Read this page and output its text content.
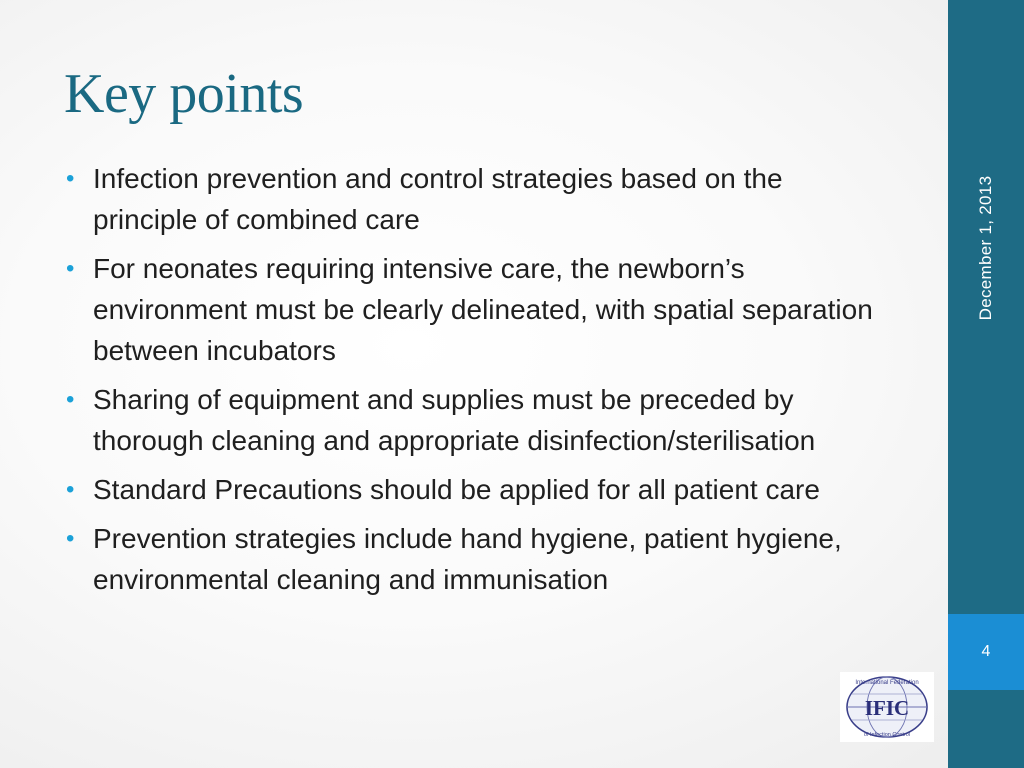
Key points
• Infection prevention and control strategies based on the principle of combined care
• For neonates requiring intensive care, the newborn’s environment must be clearly delineated, with spatial separation between incubators
• Sharing of equipment and supplies must be preceded by thorough cleaning and appropriate disinfection/sterilisation
• Standard Precautions should be applied for all patient care
• Prevention strategies include hand hygiene, patient hygiene, environmental cleaning and immunisation
December 1, 2013
4
International Federation
IFIC
of Infection Control
